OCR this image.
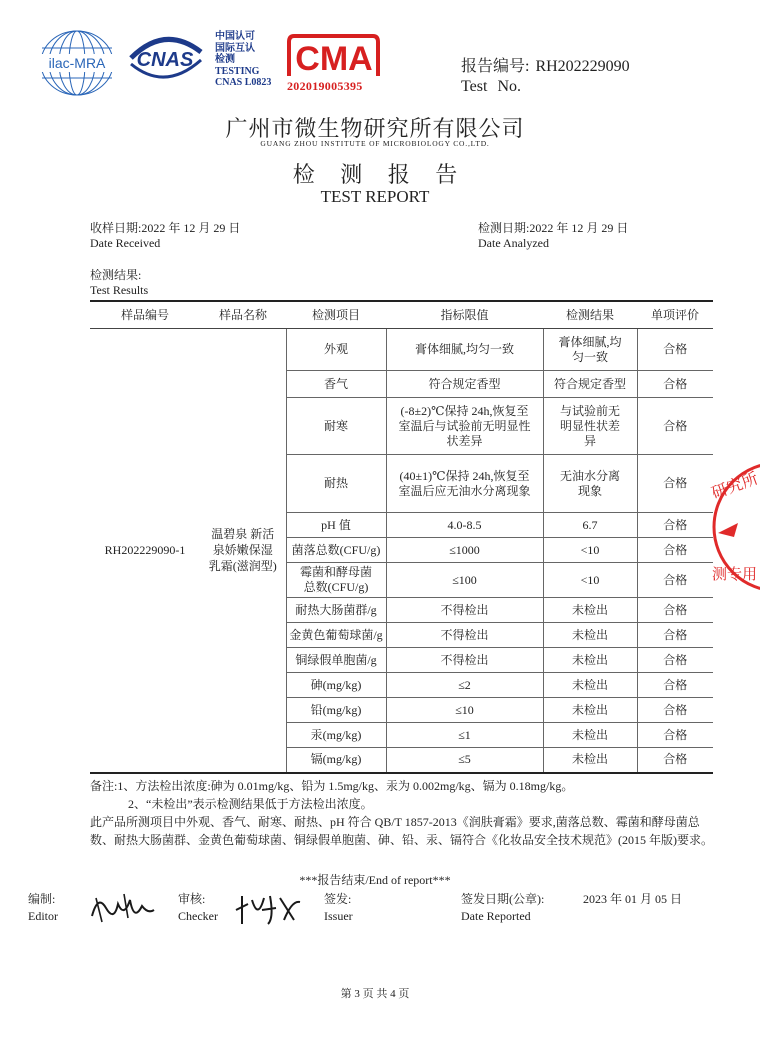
ilac-MRA CNAS
中国认可
国际互认
检测
TESTING
CNAS L0823
CMA
202019005395
报告编号: RH202229090
Test No.
广州市微生物研究所有限公司
GUANG ZHOU INSTITUTE OF MICROBIOLOGY CO.,LTD.
检 测 报 告
TEST REPORT
收样日期:2022 年 12 月 29 日
Date Received
检测日期:2022 年 12 月 29 日
Date Analyzed
检测结果:
Test Results
样品编号	样品名称	检测项目	指标限值	检测结果	单项评价
RH202229090-1	温碧泉 新活泉娇嫩保湿乳霜(滋润型)	外观	膏体细腻,均匀一致	膏体细腻,均匀一致	合格
		香气	符合规定香型	符合规定香型	合格
		耐寒	(-8±2)℃保持 24h,恢复至室温后与试验前无明显性状差异	与试验前无明显性状差异	合格
		耐热	(40±1)℃保持 24h,恢复至室温后应无油水分离现象	无油水分离现象	合格
		pH 值	4.0-8.5	6.7	合格
		菌落总数(CFU/g)	≤1000	<10	合格
		霉菌和酵母菌总数(CFU/g)	≤100	<10	合格
		耐热大肠菌群/g	不得检出	未检出	合格
		金黄色葡萄球菌/g	不得检出	未检出	合格
		铜绿假单胞菌/g	不得检出	未检出	合格
		砷(mg/kg)	≤2	未检出	合格
		铅(mg/kg)	≤10	未检出	合格
		汞(mg/kg)	≤1	未检出	合格
		镉(mg/kg)	≤5	未检出	合格
研究所
测专用

备注:1、方法检出浓度:砷为 0.01mg/kg、铅为 1.5mg/kg、汞为 0.002mg/kg、镉为 0.18mg/kg。

2、“未检出”表示检测结果低于方法检出浓度。

此产品所测项目中外观、香气、耐寒、耐热、pH 符合 QB/T 1857-2013《润肤膏霜》要求,菌落总数、霉菌和酵母菌总数、耐热大肠菌群、金黄色葡萄球菌、铜绿假单胞菌、砷、铅、汞、镉符合《化妆品安全技术规范》(2015 年版)要求。

***报告结束/End of report***
编制:
Editor
审核:
Checker
签发:
Issuer
签发日期(公章):
Date Reported
2023 年 01 月 05 日
第 3 页 共 4 页
